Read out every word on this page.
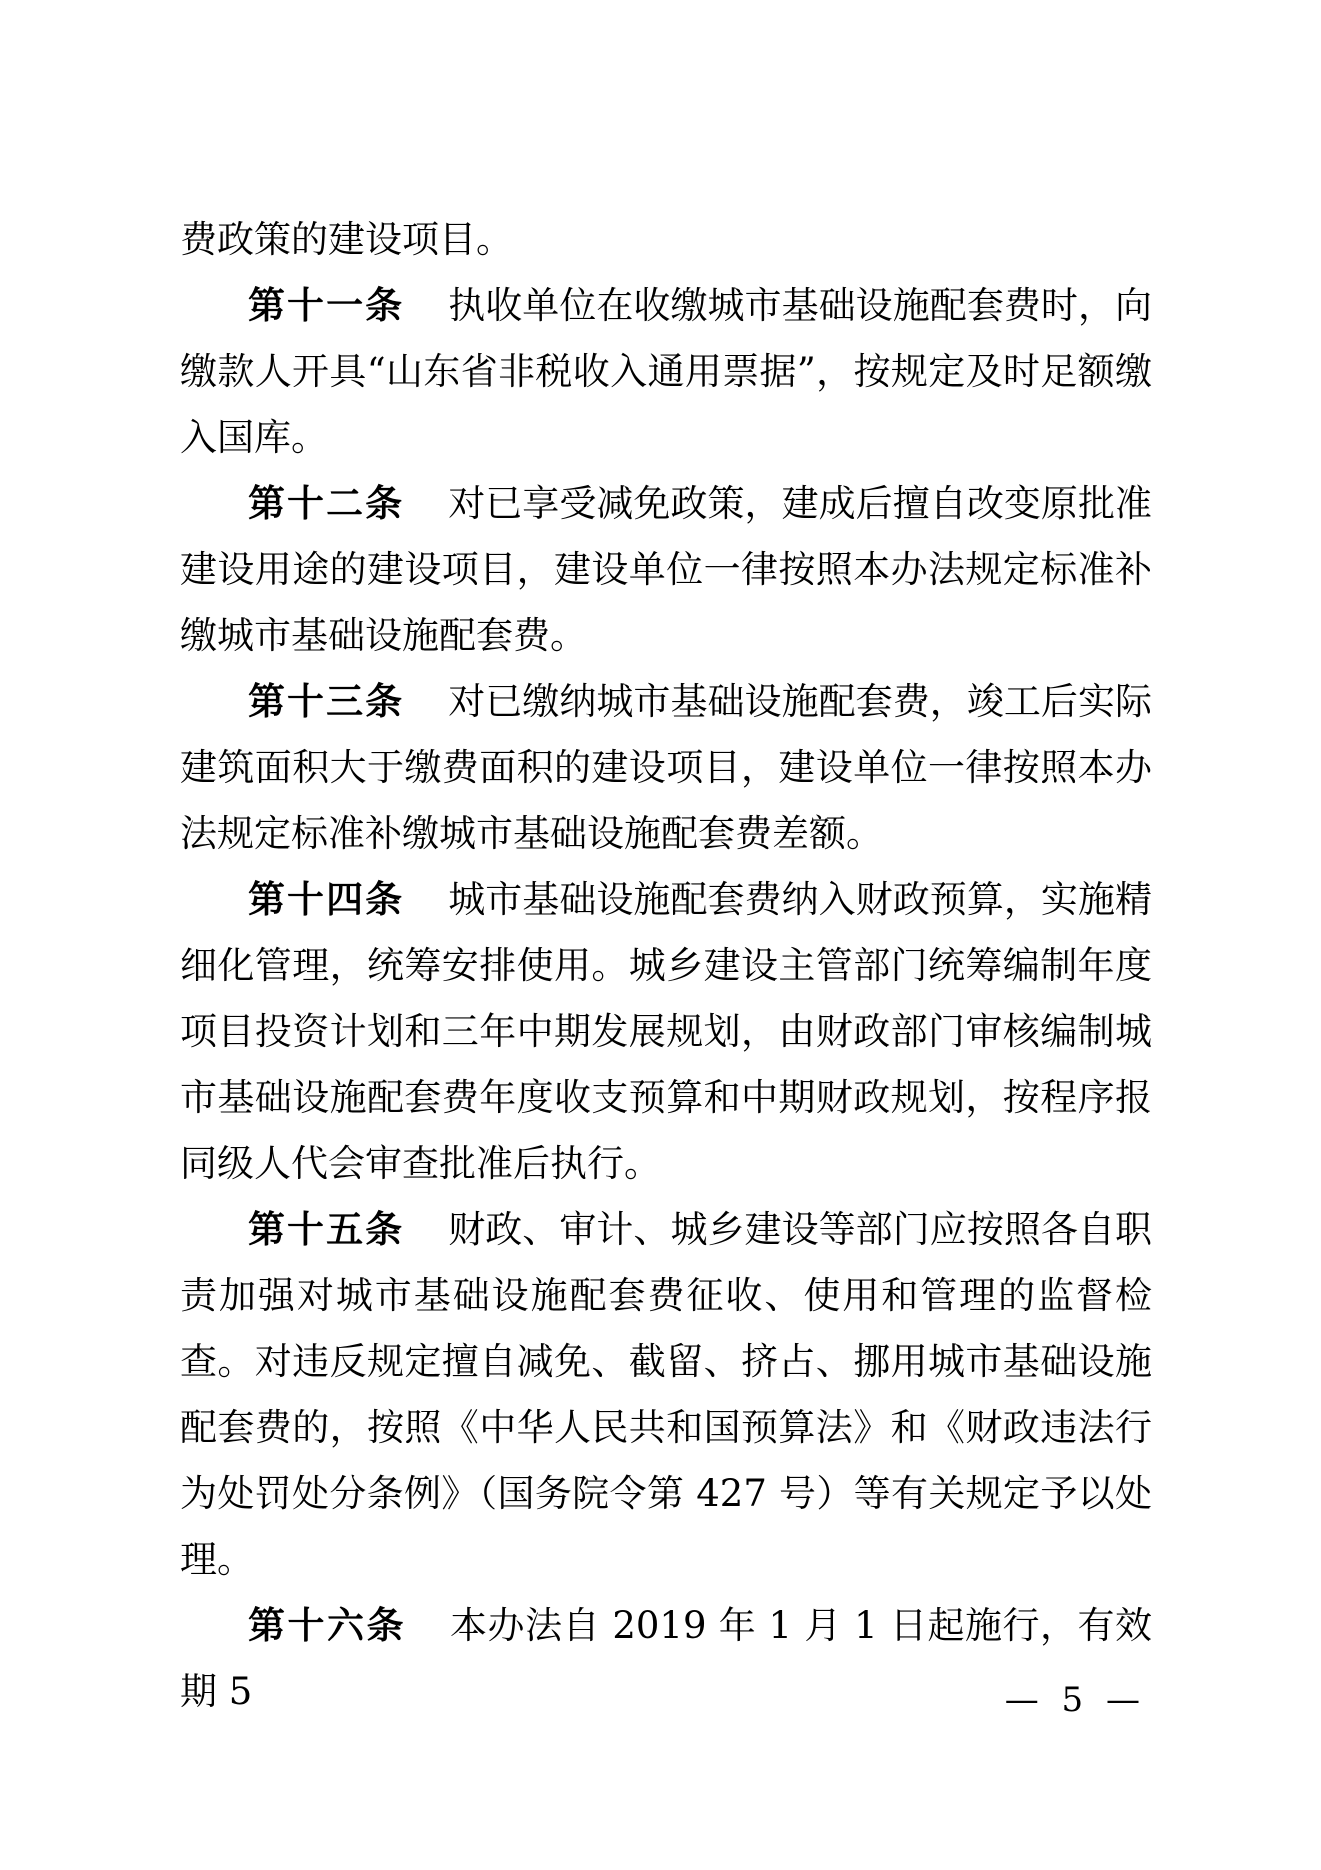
费政策的建设项目。

第十一条 执收单位在收缴城市基础设施配套费时，向缴款人开具“山东省非税收入通用票据”，按规定及时足额缴入国库。

第十二条 对已享受减免政策，建成后擅自改变原批准建设用途的建设项目，建设单位一律按照本办法规定标准补缴城市基础设施配套费。

第十三条 对已缴纳城市基础设施配套费，竣工后实际建筑面积大于缴费面积的建设项目，建设单位一律按照本办法规定标准补缴城市基础设施配套费差额。

第十四条 城市基础设施配套费纳入财政预算，实施精细化管理，统筹安排使用。城乡建设主管部门统筹编制年度项目投资计划和三年中期发展规划，由财政部门审核编制城市基础设施配套费年度收支预算和中期财政规划，按程序报同级人代会审查批准后执行。

第十五条 财政、审计、城乡建设等部门应按照各自职责加强对城市基础设施配套费征收、使用和管理的监督检查。对违反规定擅自减免、截留、挤占、挪用城市基础设施配套费的，按照《中华人民共和国预算法》和《财政违法行为处罚处分条例》（国务院令第 427 号）等有关规定予以处理。

第十六条 本办法自 2019 年 1 月 1 日起施行，有效期 5	— 5 —
